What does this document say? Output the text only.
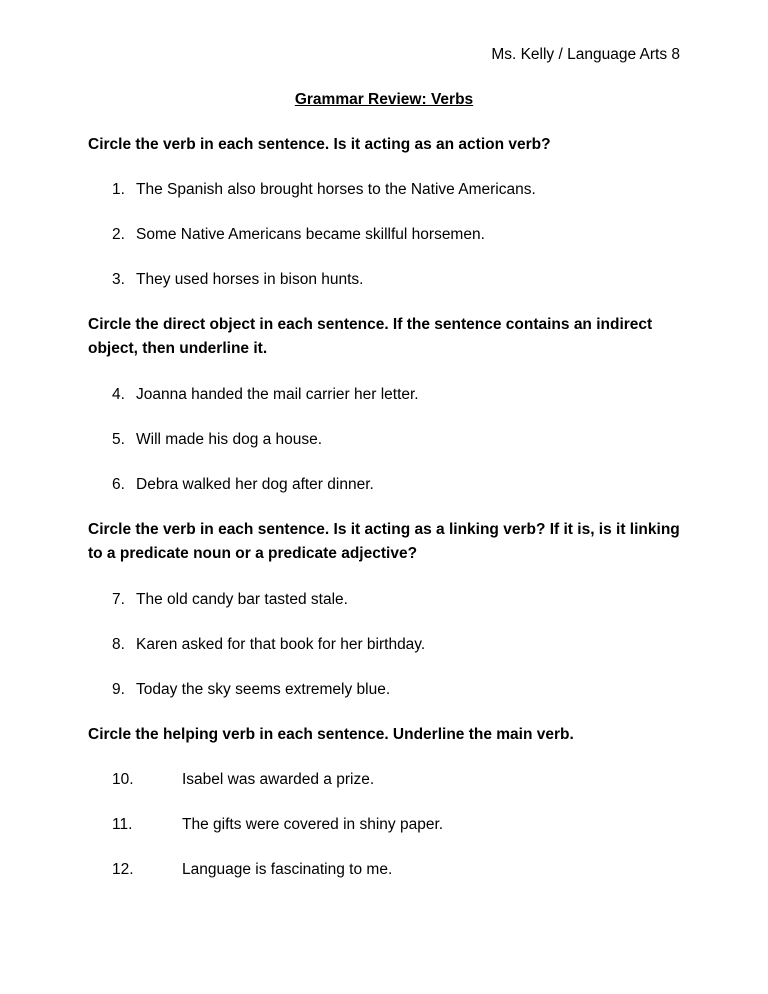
Ms. Kelly / Language Arts 8
Grammar Review: Verbs
Circle the verb in each sentence. Is it acting as an action verb?
1. The Spanish also brought horses to the Native Americans.
2. Some Native Americans became skillful horsemen.
3. They used horses in bison hunts.
Circle the direct object in each sentence. If the sentence contains an indirect object, then underline it.
4. Joanna handed the mail carrier her letter.
5. Will made his dog a house.
6. Debra walked her dog after dinner.
Circle the verb in each sentence. Is it acting as a linking verb? If it is, is it linking to a predicate noun or a predicate adjective?
7. The old candy bar tasted stale.
8. Karen asked for that book for her birthday.
9. Today the sky seems extremely blue.
Circle the helping verb in each sentence. Underline the main verb.
10.	Isabel was awarded a prize.
11.	The gifts were covered in shiny paper.
12.	Language is fascinating to me.
